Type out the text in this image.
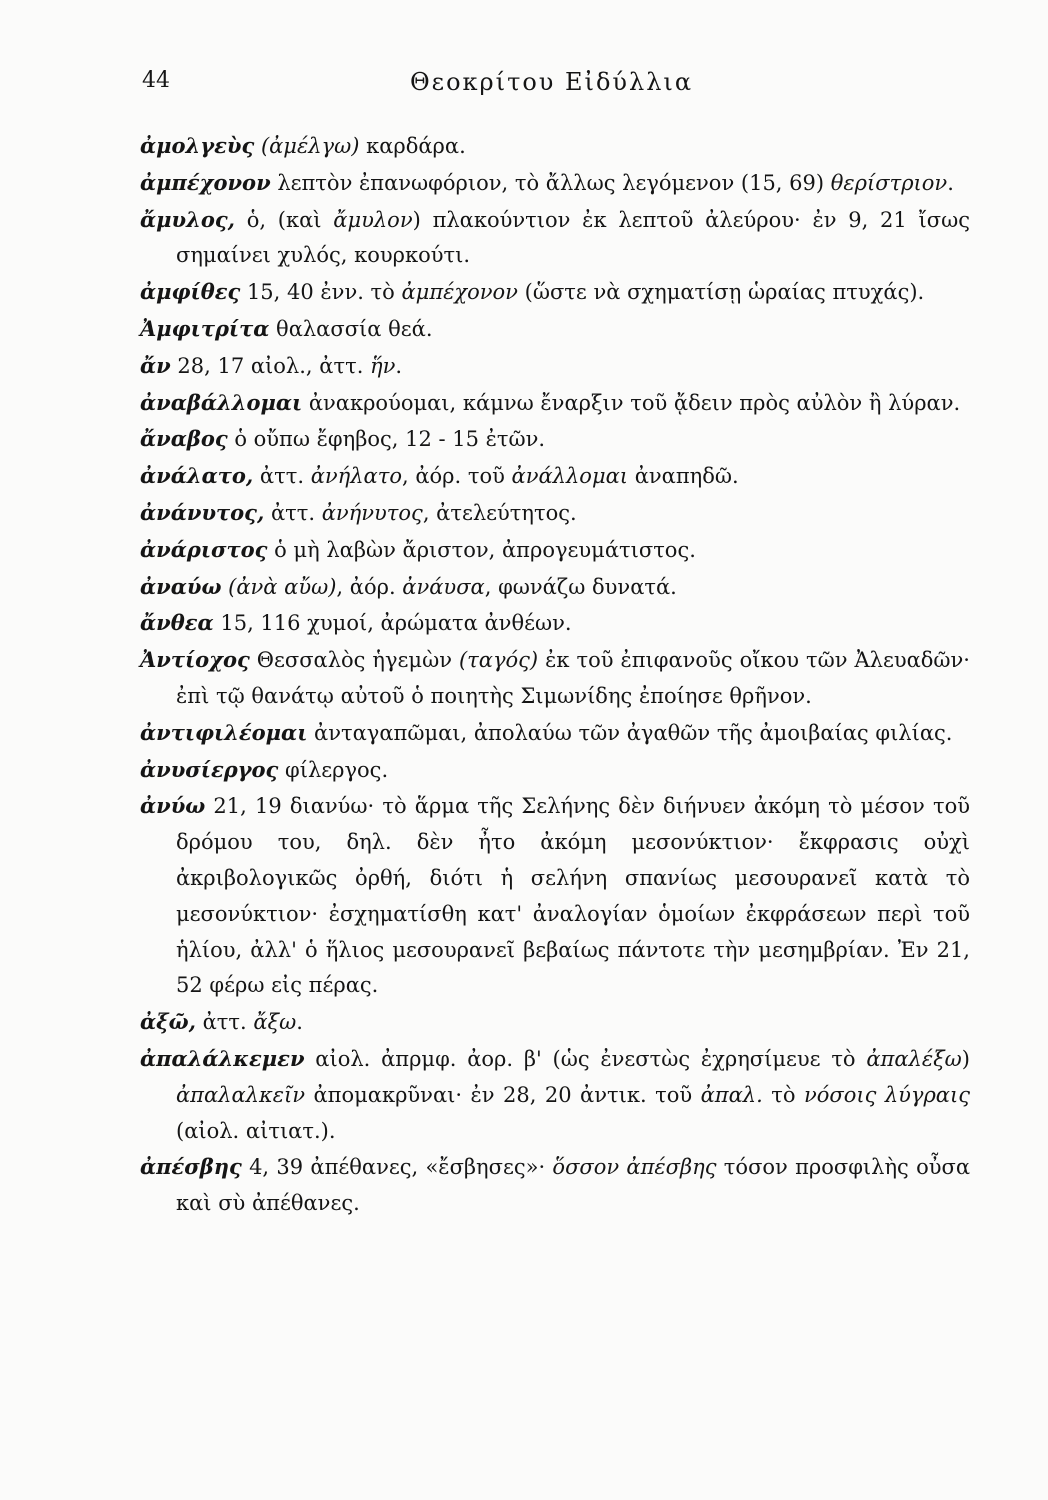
44	Θεοκρίτου Εἰδύλλια
ἀμολγεὺς (ἀμέλγω) καρδάρα.
ἀμπέχονον λεπτὸν ἐπανωφόριον, τὸ ἄλλως λεγόμενον (15, 69) θερίστριον.
ἄμυλος, ὁ, (καὶ ἄμυλον) πλακούντιον ἐκ λεπτοῦ ἀλεύρου· ἐν 9, 21 ἴσως σημαίνει χυλός, κουρκούτι.
ἀμφίθες 15, 40 ἐνν. τὸ ἀμπέχονον (ὥστε νὰ σχηματίσῃ ὡραίας πτυχάς).
Ἀμφιτρίτα θαλασσία θεά.
ἄν 28, 17 αἰολ., ἀττ. ἥν.
ἀναβάλλομαι ἀνακρούομαι, κάμνω ἔναρξιν τοῦ ᾄδειν πρὸς αὐλὸν ἢ λύραν.
ἄναβος ὁ οὔπω ἔφηβος, 12 - 15 ἐτῶν.
ἀνάλατο, ἀττ. ἀνήλατο, ἀόρ. τοῦ ἀνάλλομαι ἀναπηδῶ.
ἀνάνυτος, ἀττ. ἀνήνυτος, ἀτελεύτητος.
ἀνάριστος ὁ μὴ λαβὼν ἄριστον, ἀπρογευμάτιστος.
ἀναύω (ἀνὰ αὔω), ἀόρ. ἀνάυσα, φωνάζω δυνατά.
ἄνθεα 15, 116 χυμοί, ἀρώματα ἀνθέων.
Ἀντίοχος Θεσσαλὸς ἡγεμὼν (ταγός) ἐκ τοῦ ἐπιφανοῦς οἴκου τῶν Ἀλευαδῶν· ἐπὶ τῷ θανάτῳ αὐτοῦ ὁ ποιητὴς Σιμωνίδης ἐποίησε θρῆνον.
ἀντιφιλέομαι ἀνταγαπῶμαι, ἀπολαύω τῶν ἀγαθῶν τῆς ἀμοιβαίας φιλίας.
ἀνυσίεργος φίλεργος.
ἀνύω 21, 19 διανύω· τὸ ἅρμα τῆς Σελήνης δὲν διήνυεν ἀκόμη τὸ μέσον τοῦ δρόμου του, δηλ. δὲν ἦτο ἀκόμη μεσονύκτιον· ἔκφρασις οὐχὶ ἀκριβολογικῶς ὀρθή, διότι ἡ σελήνη σπανίως μεσουρανεῖ κατὰ τὸ μεσονύκτιον· ἐσχηματίσθη κατ' ἀναλογίαν ὁμοίων ἐκφράσεων περὶ τοῦ ἡλίου, ἀλλ' ὁ ἥλιος μεσουρανεῖ βεβαίως πάντοτε τὴν μεσημβρίαν. Ἐν 21, 52 φέρω εἰς πέρας.
ἀξῶ, ἀττ. ἄξω.
ἀπαλάλκεμεν αἰολ. ἀπρμφ. ἀορ. β' (ὡς ἐνεστὼς ἐχρησίμευε τὸ ἀπαλέξω) ἀπαλαλκεῖν ἀπομακρῦναι· ἐν 28, 20 ἀντικ. τοῦ ἀπαλ. τὸ νόσοις λύγραις (αἰολ. αἰτιατ.).
ἀπέσβης 4, 39 ἀπέθανες, «ἔσβησες»· ὅσσον ἀπέσβης τόσον προσφιλὴς οὖσα καὶ σὺ ἀπέθανες.
